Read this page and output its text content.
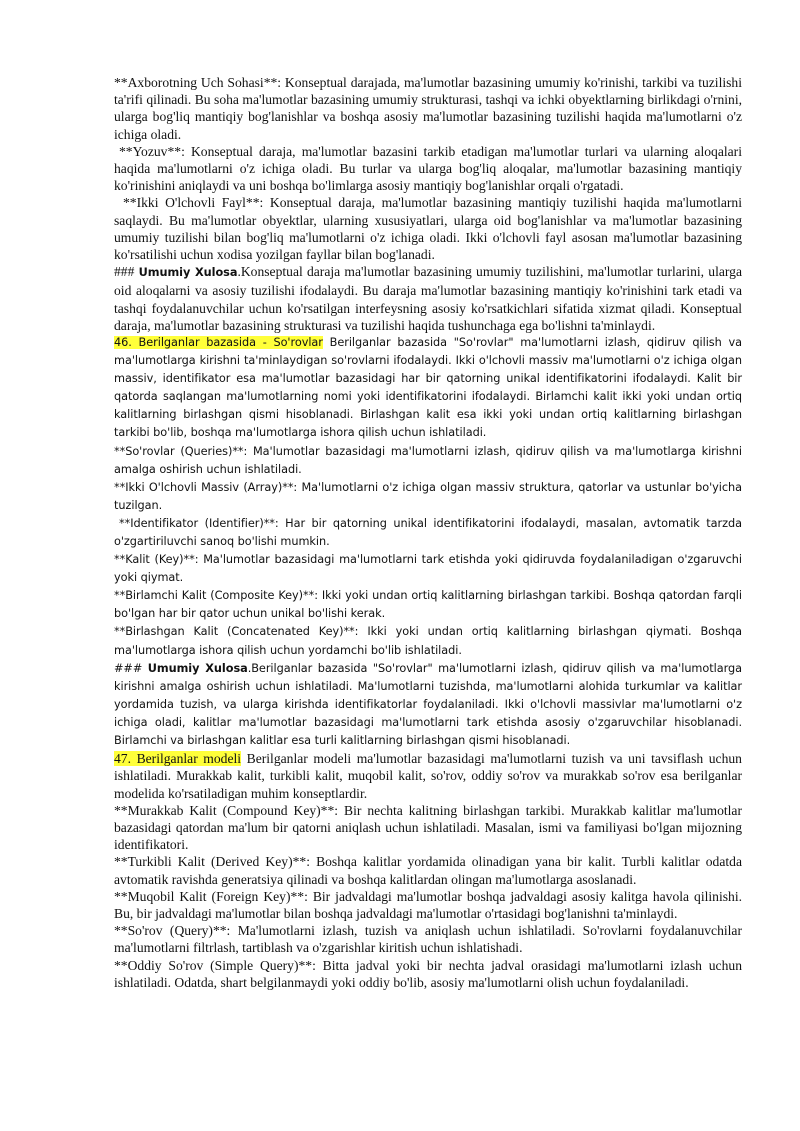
**Axborotning Uch Sohasi**: Konseptual darajada, ma'lumotlar bazasining umumiy ko'rinishi, tarkibi va tuzilishi ta'rifi qilinadi. Bu soha ma'lumotlar bazasining umumiy strukturasi, tashqi va ichki obyektlarning birlikdagi o'rnini, ularga bog'liq mantiqiy bog'lanishlar va boshqa asosiy ma'lumotlar bazasining tuzilishi haqida ma'lumotlarni o'z ichiga oladi.

**Yozuv**: Konseptual daraja, ma'lumotlar bazasini tarkib etadigan ma'lumotlar turlari va ularning aloqalari haqida ma'lumotlarni o'z ichiga oladi. Bu turlar va ularga bog'liq aloqalar, ma'lumotlar bazasining mantiqiy ko'rinishini aniqlaydi va uni boshqa bo'limlarga asosiy mantiqiy bog'lanishlar orqali o'rgatadi.

**Ikki O'lchovli Fayl**: Konseptual daraja, ma'lumotlar bazasining mantiqiy tuzilishi haqida ma'lumotlarni saqlaydi. Bu ma'lumotlar obyektlar, ularning xususiyatlari, ularga oid bog'lanishlar va ma'lumotlar bazasining umumiy tuzilishi bilan bog'liq ma'lumotlarni o'z ichiga oladi. Ikki o'lchovli fayl asosan ma'lumotlar bazasining ko'rsatilishi uchun xodisa yozilgan fayllar bilan bog'lanadi.

### Umumiy Xulosa.Konseptual daraja ma'lumotlar bazasining umumiy tuzilishini, ma'lumotlar turlarini, ularga oid aloqalarni va asosiy tuzilishi ifodalaydi. Bu daraja ma'lumotlar bazasining mantiqiy ko'rinishini tark etadi va tashqi foydalanuvchilar uchun ko'rsatilgan interfeysning asosiy ko'rsatkichlari sifatida xizmat qiladi. Konseptual daraja, ma'lumotlar bazasining strukturasi va tuzilishi haqida tushunchaga ega bo'lishni ta'minlaydi.

46. Berilganlar bazasida - So'rovlar Berilganlar bazasida "So'rovlar" ma'lumotlarni izlash, qidiruv qilish va ma'lumotlarga kirishni ta'minlaydigan so'rovlarni ifodalaydi. Ikki o'lchovli massiv ma'lumotlarni o'z ichiga olgan massiv, identifikator esa ma'lumotlar bazasidagi har bir qatorning unikal identifikatorini ifodalaydi. Kalit bir qatorda saqlangan ma'lumotlarning nomi yoki identifikatorini ifodalaydi. Birlamchi kalit ikki yoki undan ortiq kalitlarning birlashgan qismi hisoblanadi. Birlashgan kalit esa ikki yoki undan ortiq kalitlarning birlashgan tarkibi bo'lib, boshqa ma'lumotlarga ishora qilish uchun ishlatiladi.

**So'rovlar (Queries)**: Ma'lumotlar bazasidagi ma'lumotlarni izlash, qidiruv qilish va ma'lumotlarga kirishni amalga oshirish uchun ishlatiladi.

**Ikki O'lchovli Massiv (Array)**: Ma'lumotlarni o'z ichiga olgan massiv struktura, qatorlar va ustunlar bo'yicha tuzilgan.

**Identifikator (Identifier)**: Har bir qatorning unikal identifikatorini ifodalaydi, masalan, avtomatik tarzda o'zgartiriluvchi sanoq bo'lishi mumkin.

**Kalit (Key)**: Ma'lumotlar bazasidagi ma'lumotlarni tark etishda yoki qidiruvda foydalaniladigan o'zgaruvchi yoki qiymat.

**Birlamchi Kalit (Composite Key)**: Ikki yoki undan ortiq kalitlarning birlashgan tarkibi. Boshqa qatordan farqli bo'lgan har bir qator uchun unikal bo'lishi kerak.

**Birlashgan Kalit (Concatenated Key)**: Ikki yoki undan ortiq kalitlarning birlashgan qiymati. Boshqa ma'lumotlarga ishora qilish uchun yordamchi bo'lib ishlatiladi.

### Umumiy Xulosa.Berilganlar bazasida "So'rovlar" ma'lumotlarni izlash, qidiruv qilish va ma'lumotlarga kirishni amalga oshirish uchun ishlatiladi. Ma'lumotlarni tuzishda, ma'lumotlarni alohida turkumlar va kalitlar yordamida tuzish, va ularga kirishda identifikatorlar foydalaniladi. Ikki o'lchovli massivlar ma'lumotlarni o'z ichiga oladi, kalitlar ma'lumotlar bazasidagi ma'lumotlarni tark etishda asosiy o'zgaruvchilar hisoblanadi. Birlamchi va birlashgan kalitlar esa turli kalitlarning birlashgan qismi hisoblanadi.

47. Berilganlar modeli Berilganlar modeli ma'lumotlar bazasidagi ma'lumotlarni tuzish va uni tavsiflash uchun ishlatiladi. Murakkab kalit, turkibli kalit, muqobil kalit, so'rov, oddiy so'rov va murakkab so'rov esa berilganlar modelida ko'rsatiladigan muhim konseptlardir.

**Murakkab Kalit (Compound Key)**: Bir nechta kalitning birlashgan tarkibi. Murakkab kalitlar ma'lumotlar bazasidagi qatordan ma'lum bir qatorni aniqlash uchun ishlatiladi. Masalan, ismi va familiyasi bo'lgan mijozning identifikatori.

**Turkibli Kalit (Derived Key)**: Boshqa kalitlar yordamida olinadigan yana bir kalit. Turbli kalitlar odatda avtomatik ravishda generatsiya qilinadi va boshqa kalitlardan olingan ma'lumotlarga asoslanadi.

**Muqobil Kalit (Foreign Key)**: Bir jadvaldagi ma'lumotlar boshqa jadvaldagi asosiy kalitga havola qilinishi. Bu, bir jadvaldagi ma'lumotlar bilan boshqa jadvaldagi ma'lumotlar o'rtasidagi bog'lanishni ta'minlaydi.

**So'rov (Query)**: Ma'lumotlarni izlash, tuzish va aniqlash uchun ishlatiladi. So'rovlarni foydalanuvchilar ma'lumotlarni filtrlash, tartiblash va o'zgarishlar kiritish uchun ishlatishadi.

**Oddiy So'rov (Simple Query)**: Bitta jadval yoki bir nechta jadval orasidagi ma'lumotlarni izlash uchun ishlatiladi. Odatda, shart belgilanmaydi yoki oddiy bo'lib, asosiy ma'lumotlarni olish uchun foydalaniladi.
